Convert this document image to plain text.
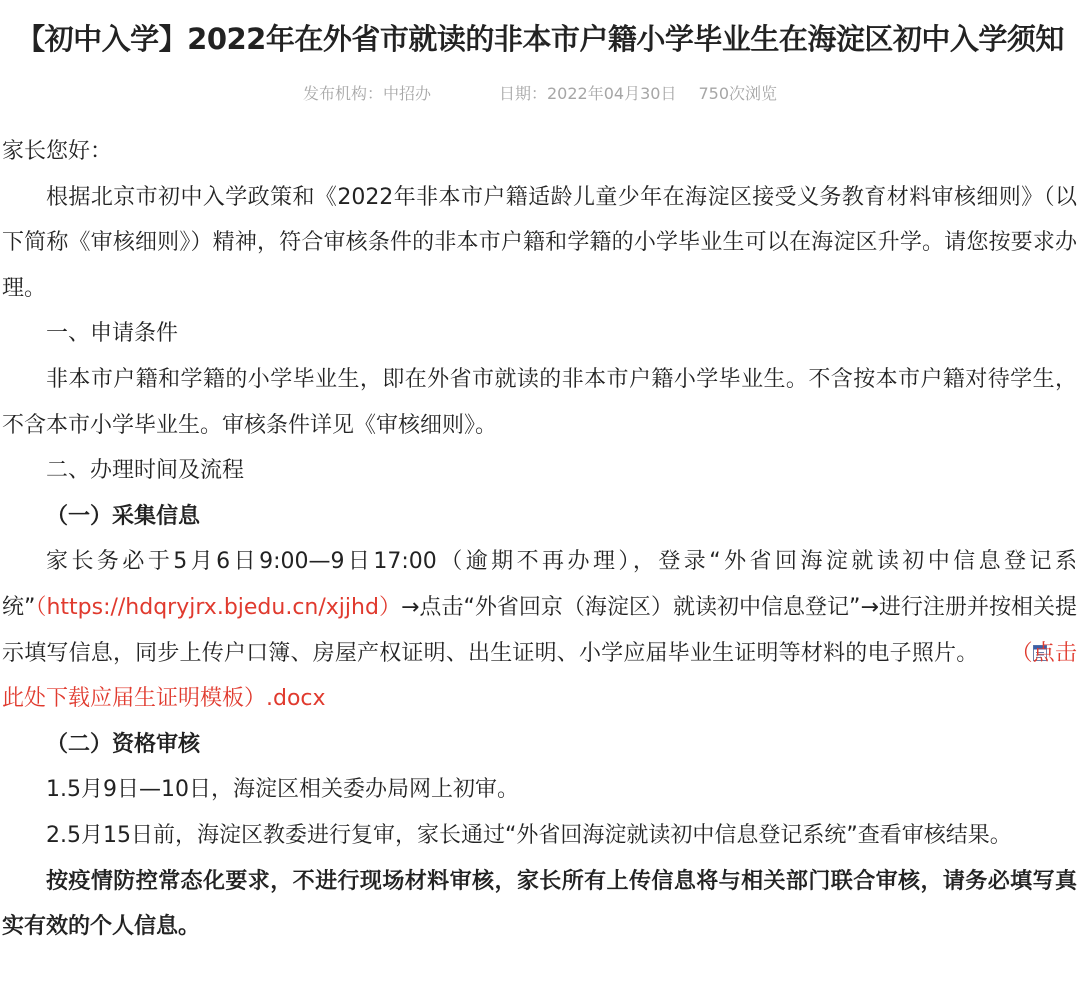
【初中入学】2022年在外省市就读的非本市户籍小学毕业生在海淀区初中入学须知
发布机构：中招办	日期：2022年04月30日 750次浏览

家长您好：

根据北京市初中入学政策和《2022年非本市户籍适龄儿童少年在海淀区接受义务教育材料审核细则》（以下简称《审核细则》）精神，符合审核条件的非本市户籍和学籍的小学毕业生可以在海淀区升学。请您按要求办理。

一、申请条件

非本市户籍和学籍的小学毕业生，即在外省市就读的非本市户籍小学毕业生。不含按本市户籍对待学生，不含本市小学毕业生。审核条件详见《审核细则》。

二、办理时间及流程

（一）采集信息

家长务必于5月6日9:00—9日17:00（逾期不再办理），登录“外省回海淀就读初中信息登记系统”（https://hdqryjrx.bjedu.cn/xjjhd）→点击“外省回京（海淀区）就读初中信息登记”→进行注册并按相关提示填写信息，同步上传户口簿、房屋产权证明、出生证明、小学应届毕业生证明等材料的电子照片。 （点击此处下载应届生证明模板）.docx

（二）资格审核

1.5月9日—10日，海淀区相关委办局网上初审。

2.5月15日前，海淀区教委进行复审，家长通过“外省回海淀就读初中信息登记系统”查看审核结果。

按疫情防控常态化要求，不进行现场材料审核，家长所有上传信息将与相关部门联合审核，请务必填写真实有效的个人信息。
